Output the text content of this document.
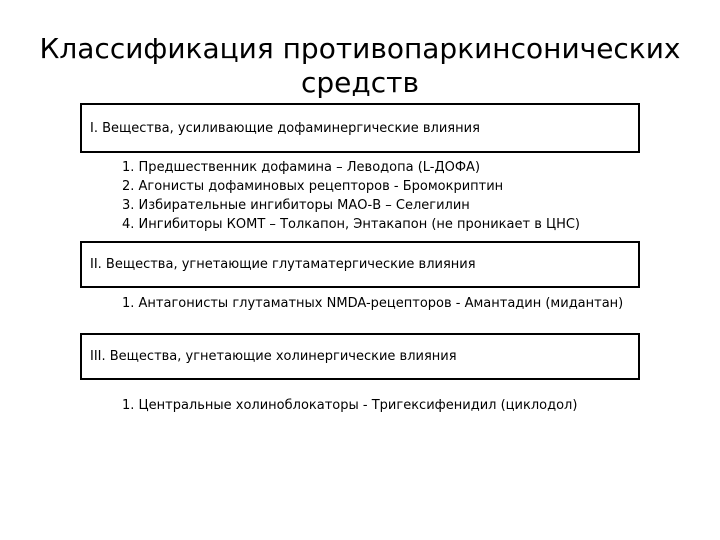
Классификация противопаркинсонических средств
I. Вещества, усиливающие дофаминергические влияния
1. Предшественник дофамина – Леводопа (L-ДОФА)
2. Агонисты дофаминовых рецепторов - Бромокриптин
3. Избирательные ингибиторы МАО-В – Селегилин
4. Ингибиторы КОМТ – Толкапон, Энтакапон (не проникает в ЦНС)
II. Вещества, угнетающие глутаматергические влияния
1. Антагонисты глутаматных NMDA-рецепторов - Амантадин (мидантан)
III. Вещества, угнетающие холинергические влияния
1. Центральные холиноблокаторы - Тригексифенидил (циклодол)
